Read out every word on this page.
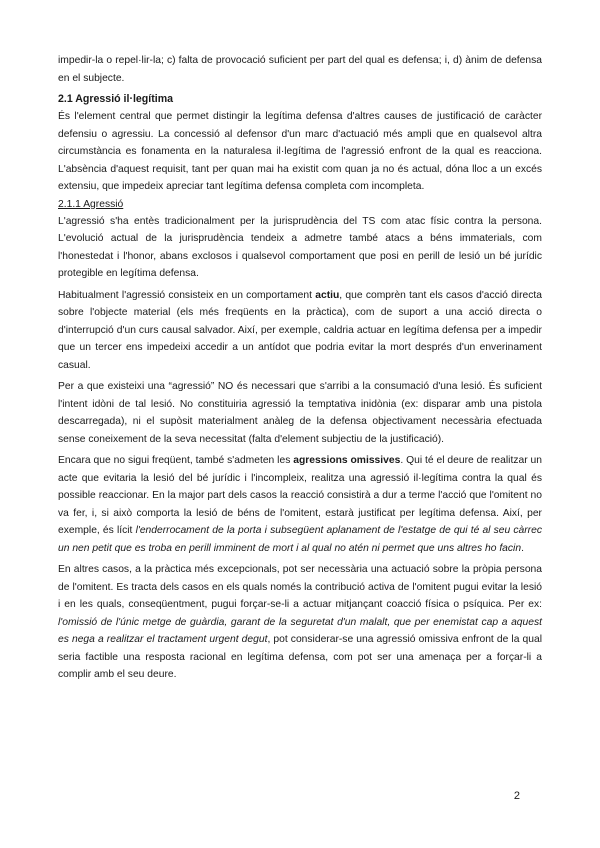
impedir-la o repel·lir-la; c) falta de provocació suficient per part del qual es defensa; i, d) ànim de defensa en el subjecte.

2.1 Agressió il·legítima

És l'element central que permet distingir la legítima defensa d'altres causes de justificació de caràcter defensiu o agressiu. La concessió al defensor d'un marc d'actuació més ampli que en qualsevol altra circumstància es fonamenta en la naturalesa il·legítima de l'agressió enfront de la qual es reacciona. L'absència d'aquest requisit, tant per quan mai ha existit com quan ja no és actual, dóna lloc a un excés extensiu, que impedeix apreciar tant legítima defensa completa com incompleta.

2.1.1 Agressió

L'agressió s'ha entès tradicionalment per la jurisprudència del TS com atac físic contra la persona. L'evolució actual de la jurisprudència tendeix a admetre també atacs a béns immaterials, com l'honestedat i l'honor, abans exclosos i qualsevol comportament que posi en perill de lesió un bé jurídic protegible en legítima defensa.

Habitualment l'agressió consisteix en un comportament actiu, que comprèn tant els casos d'acció directa sobre l'objecte material (els més freqüents en la pràctica), com de suport a una acció directa o d'interrupció d'un curs causal salvador. Així, per exemple, caldria actuar en legítima defensa per a impedir que un tercer ens impedeixi accedir a un antídot que podria evitar la mort després d'un enverinament casual.

Per a que existeixi una “agressió” NO és necessari que s'arribi a la consumació d'una lesió. És suficient l'intent idòni de tal lesió. No constituiria agressió la temptativa inidònia (ex: disparar amb una pistola descarregada), ni el supòsit materialment anàleg de la defensa objectivament necessària efectuada sense coneixement de la seva necessitat (falta d'element subjectiu de la justificació).

Encara que no sigui freqüent, també s'admeten les agressions omissives. Qui té el deure de realitzar un acte que evitaria la lesió del bé jurídic i l'incompleix, realitza una agressió il·legítima contra la qual és possible reaccionar. En la major part dels casos la reacció consistirà a dur a terme l'acció que l'omitent no va fer, i, si això comporta la lesió de béns de l'omitent, estarà justificat per legítima defensa. Així, per exemple, és lícit l'enderrocament de la porta i subsegüent aplanament de l'estatge de qui té al seu càrrec un nen petit que es troba en perill imminent de mort i al qual no atén ni permet que uns altres ho facin.

En altres casos, a la pràctica més excepcionals, pot ser necessària una actuació sobre la pròpia persona de l'omitent. Es tracta dels casos en els quals només la contribució activa de l'omitent pugui evitar la lesió i en les quals, conseqüentment, pugui forçar-se-li a actuar mitjançant coacció física o psíquica. Per ex: l'omissió de l'únic metge de guàrdia, garant de la seguretat d'un malalt, que per enemistat cap a aquest es nega a realitzar el tractament urgent degut, pot considerar-se una agressió omissiva enfront de la qual seria factible una resposta racional en legítima defensa, com pot ser una amenaça per a forçar-li a complir amb el seu deure.

2
